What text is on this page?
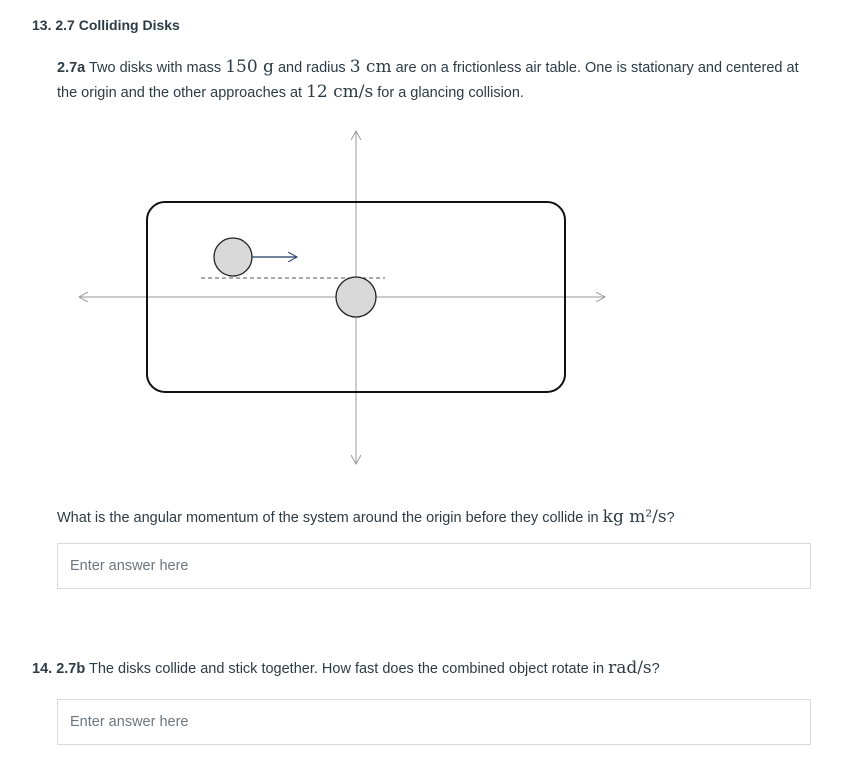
13. 2.7 Colliding Disks
2.7a Two disks with mass 150 g and radius 3 cm are on a frictionless air table. One is stationary and centered at the origin and the other approaches at 12 cm/s for a glancing collision.
What is the angular momentum of the system around the origin before they collide in kg m²/s?
Enter answer here
14. 2.7b The disks collide and stick together. How fast does the combined object rotate in rad/s?
Enter answer here
